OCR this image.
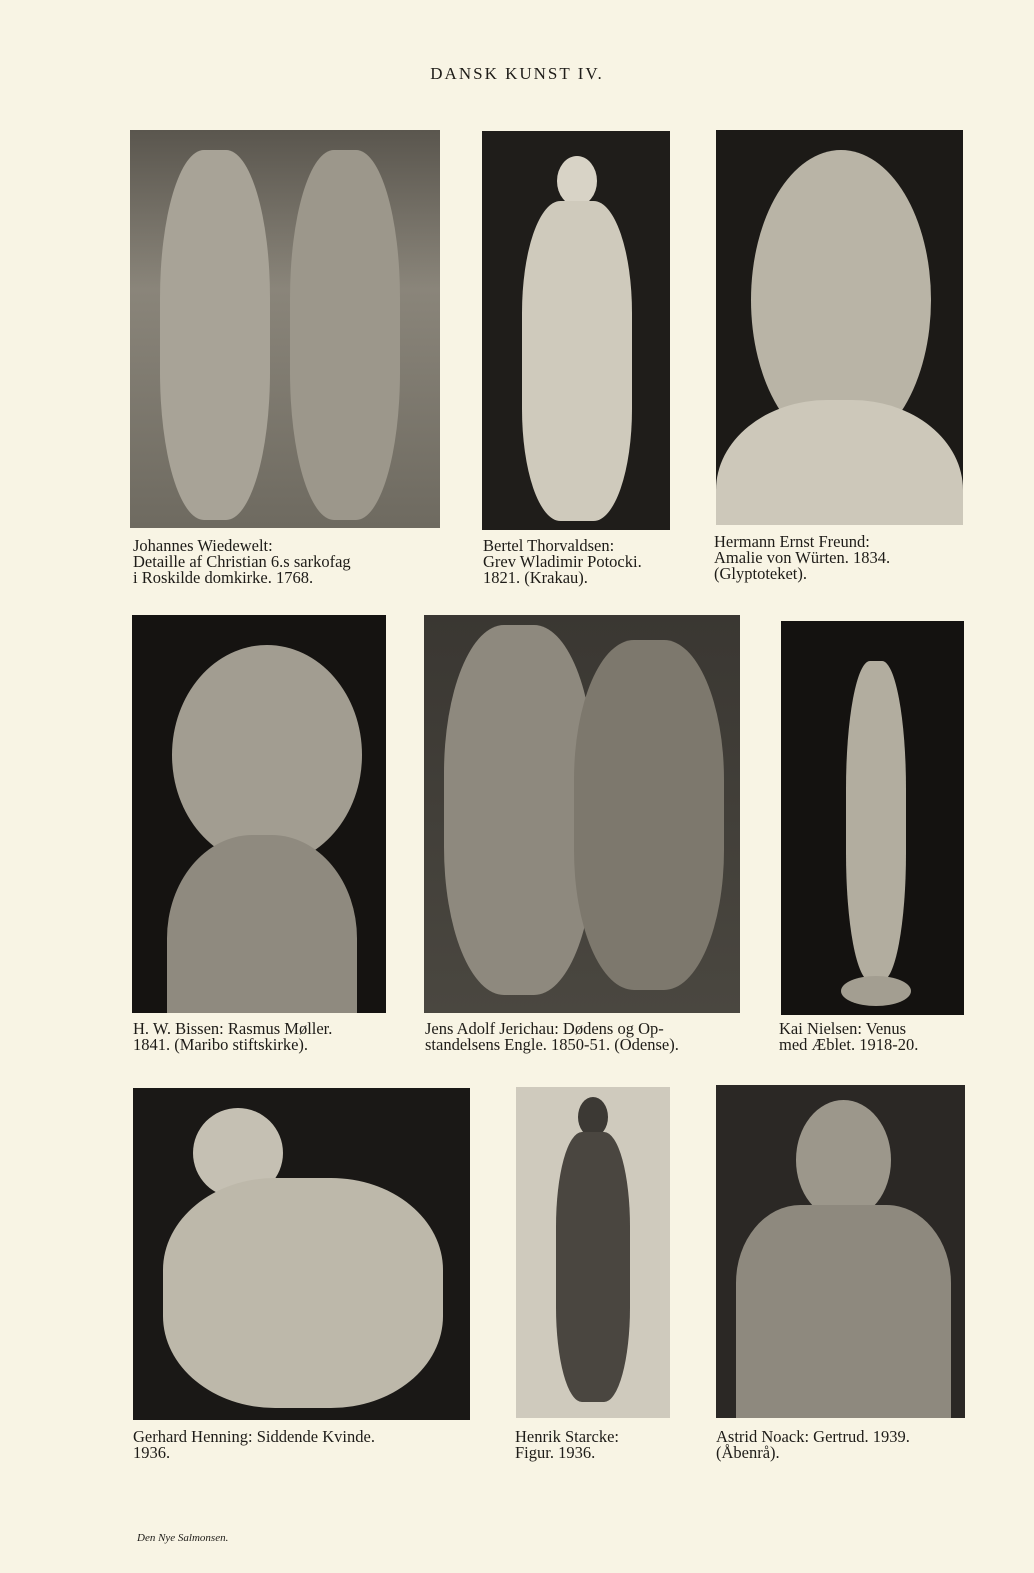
DANSK KUNST IV.
Johannes Wiedewelt:
Detaille af Christian 6.s sarkofag
i Roskilde domkirke. 1768.
Bertel Thorvaldsen:
Grev Wladimir Potocki.
1821. (Krakau).
Hermann Ernst Freund:
Amalie von Würten. 1834.
(Glyptoteket).
H. W. Bissen: Rasmus Møller.
1841. (Maribo stiftskirke).
Jens Adolf Jerichau: Dødens og Op-
standelsens Engle. 1850-51. (Odense).
Kai Nielsen: Venus
med Æblet. 1918-20.
Gerhard Henning: Siddende Kvinde.
1936.
Henrik Starcke:
Figur. 1936.
Astrid Noack: Gertrud. 1939.
(Åbenrå).
Den Nye Salmonsen.
